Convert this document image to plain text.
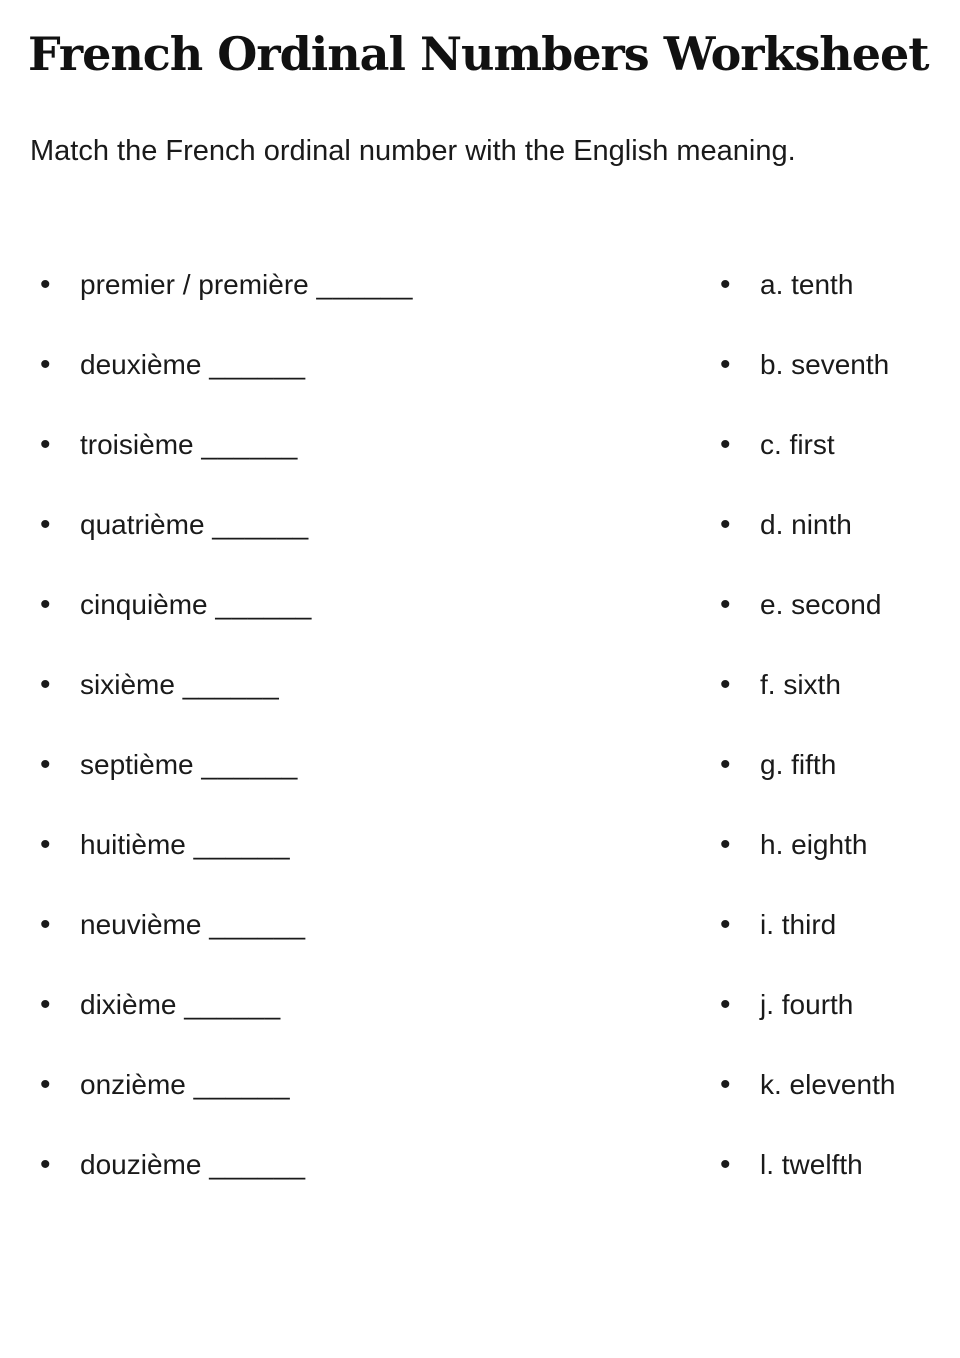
French Ordinal Numbers Worksheet

Match the French ordinal number with the English meaning.

•	premier / première
______
•	deuxième
______
•	troisième
______
•	quatrième
______
•	cinquième
______
•	sixième
______
•	septième
______
•	huitième
______
•	neuvième
______
•	dixième
______
•	onzième
______
•	douzième
______
•	a. tenth
•	b. seventh
•	c. first
•	d. ninth
•	e. second
•	f. sixth
•	g. fifth
•	h. eighth
•	i. third
•	j. fourth
•	k. eleventh
•	l. twelfth
